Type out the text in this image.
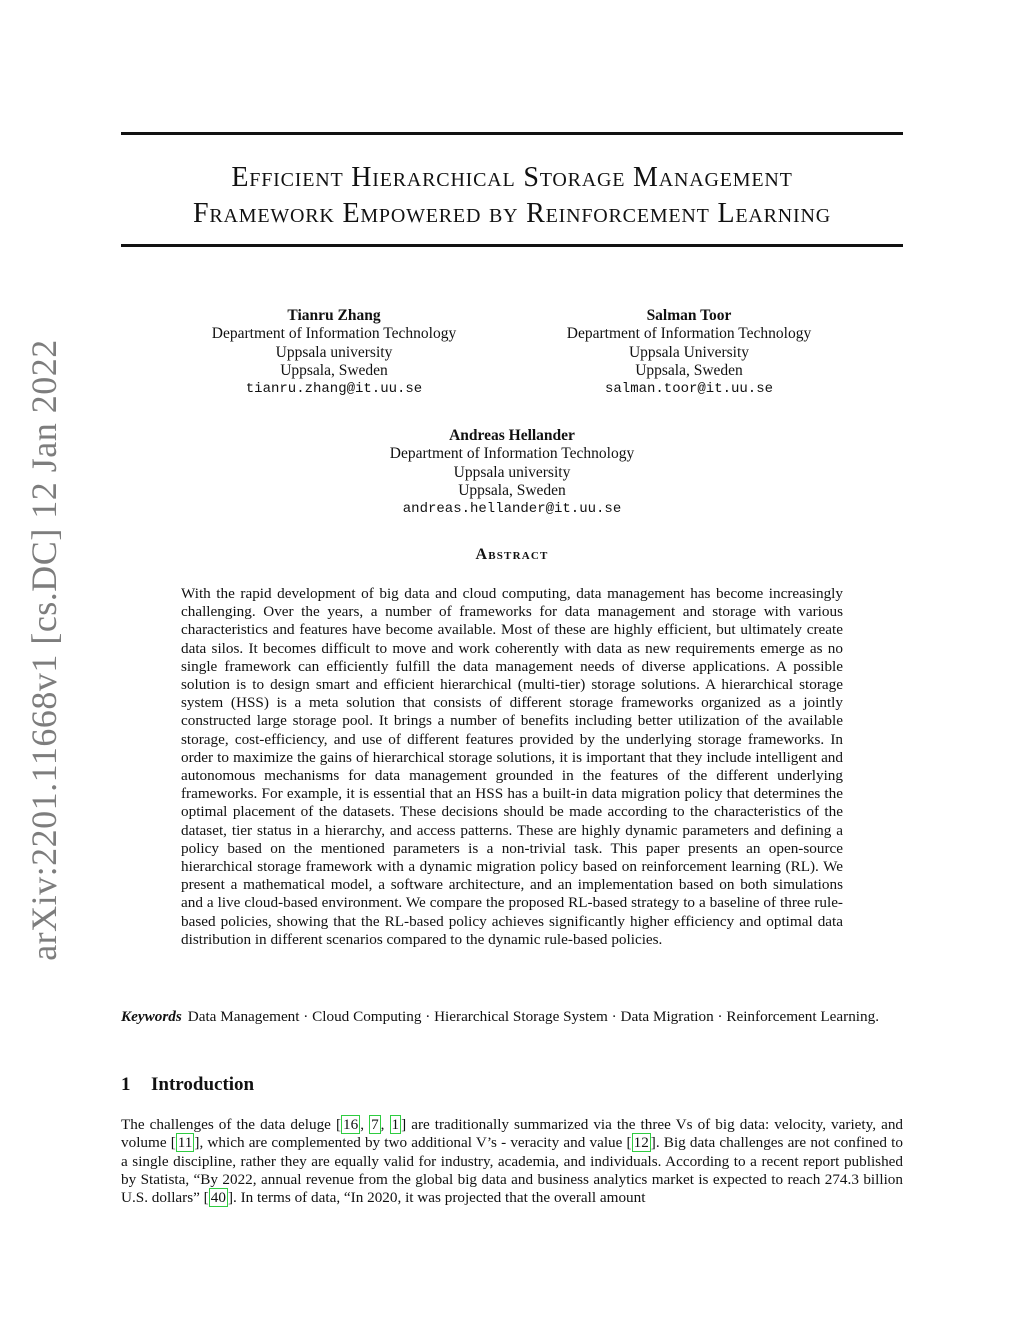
arXiv:2201.11668v1 [cs.DC] 12 Jan 2022
Efficient Hierarchical Storage Management
Framework Empowered by Reinforcement Learning
Tianru Zhang
Department of Information Technology
Uppsala university
Uppsala, Sweden
tianru.zhang@it.uu.se
Salman Toor
Department of Information Technology
Uppsala University
Uppsala, Sweden
salman.toor@it.uu.se
Andreas Hellander
Department of Information Technology
Uppsala university
Uppsala, Sweden
andreas.hellander@it.uu.se
Abstract

With the rapid development of big data and cloud computing, data management has become increasingly challenging. Over the years, a number of frameworks for data management and storage with various characteristics and features have become available. Most of these are highly efficient, but ultimately create data silos. It becomes difficult to move and work coherently with data as new requirements emerge as no single framework can efficiently fulfill the data management needs of diverse applications. A possible solution is to design smart and efficient hierarchical (multi-tier) storage solutions. A hierarchical storage system (HSS) is a meta solution that consists of different storage frameworks organized as a jointly constructed large storage pool. It brings a number of benefits including better utilization of the available storage, cost-efficiency, and use of different features provided by the underlying storage frameworks. In order to maximize the gains of hierarchical storage solutions, it is important that they include intelligent and autonomous mechanisms for data management grounded in the features of the different underlying frameworks. For example, it is essential that an HSS has a built-in data migration policy that determines the optimal placement of the datasets. These decisions should be made according to the characteristics of the dataset, tier status in a hierarchy, and access patterns. These are highly dynamic parameters and defining a policy based on the mentioned parameters is a non-trivial task. This paper presents an open-source hierarchical storage framework with a dynamic migration policy based on reinforcement learning (RL). We present a mathematical model, a software architecture, and an implementation based on both simulations and a live cloud-based environment. We compare the proposed RL-based strategy to a baseline of three rule-based policies, showing that the RL-based policy achieves significantly higher efficiency and optimal data distribution in different scenarios compared to the dynamic rule-based policies.

Keywords Data Management · Cloud Computing · Hierarchical Storage System · Data Migration · Reinforcement Learning.

1 Introduction

The challenges of the data deluge [ 16 , 7 , 1 ] are traditionally summarized via the three Vs of big data: velocity, variety, and volume [ 11 ], which are complemented by two additional V’s - veracity and value [ 12 ]. Big data challenges are not confined to a single discipline, rather they are equally valid for industry, academia, and individuals. According to a recent report published by Statista, “By 2022, annual revenue from the global big data and business analytics market is expected to reach 274.3 billion U.S. dollars” [ 40 ]. In terms of data, “In 2020, it was projected that the overall amount
